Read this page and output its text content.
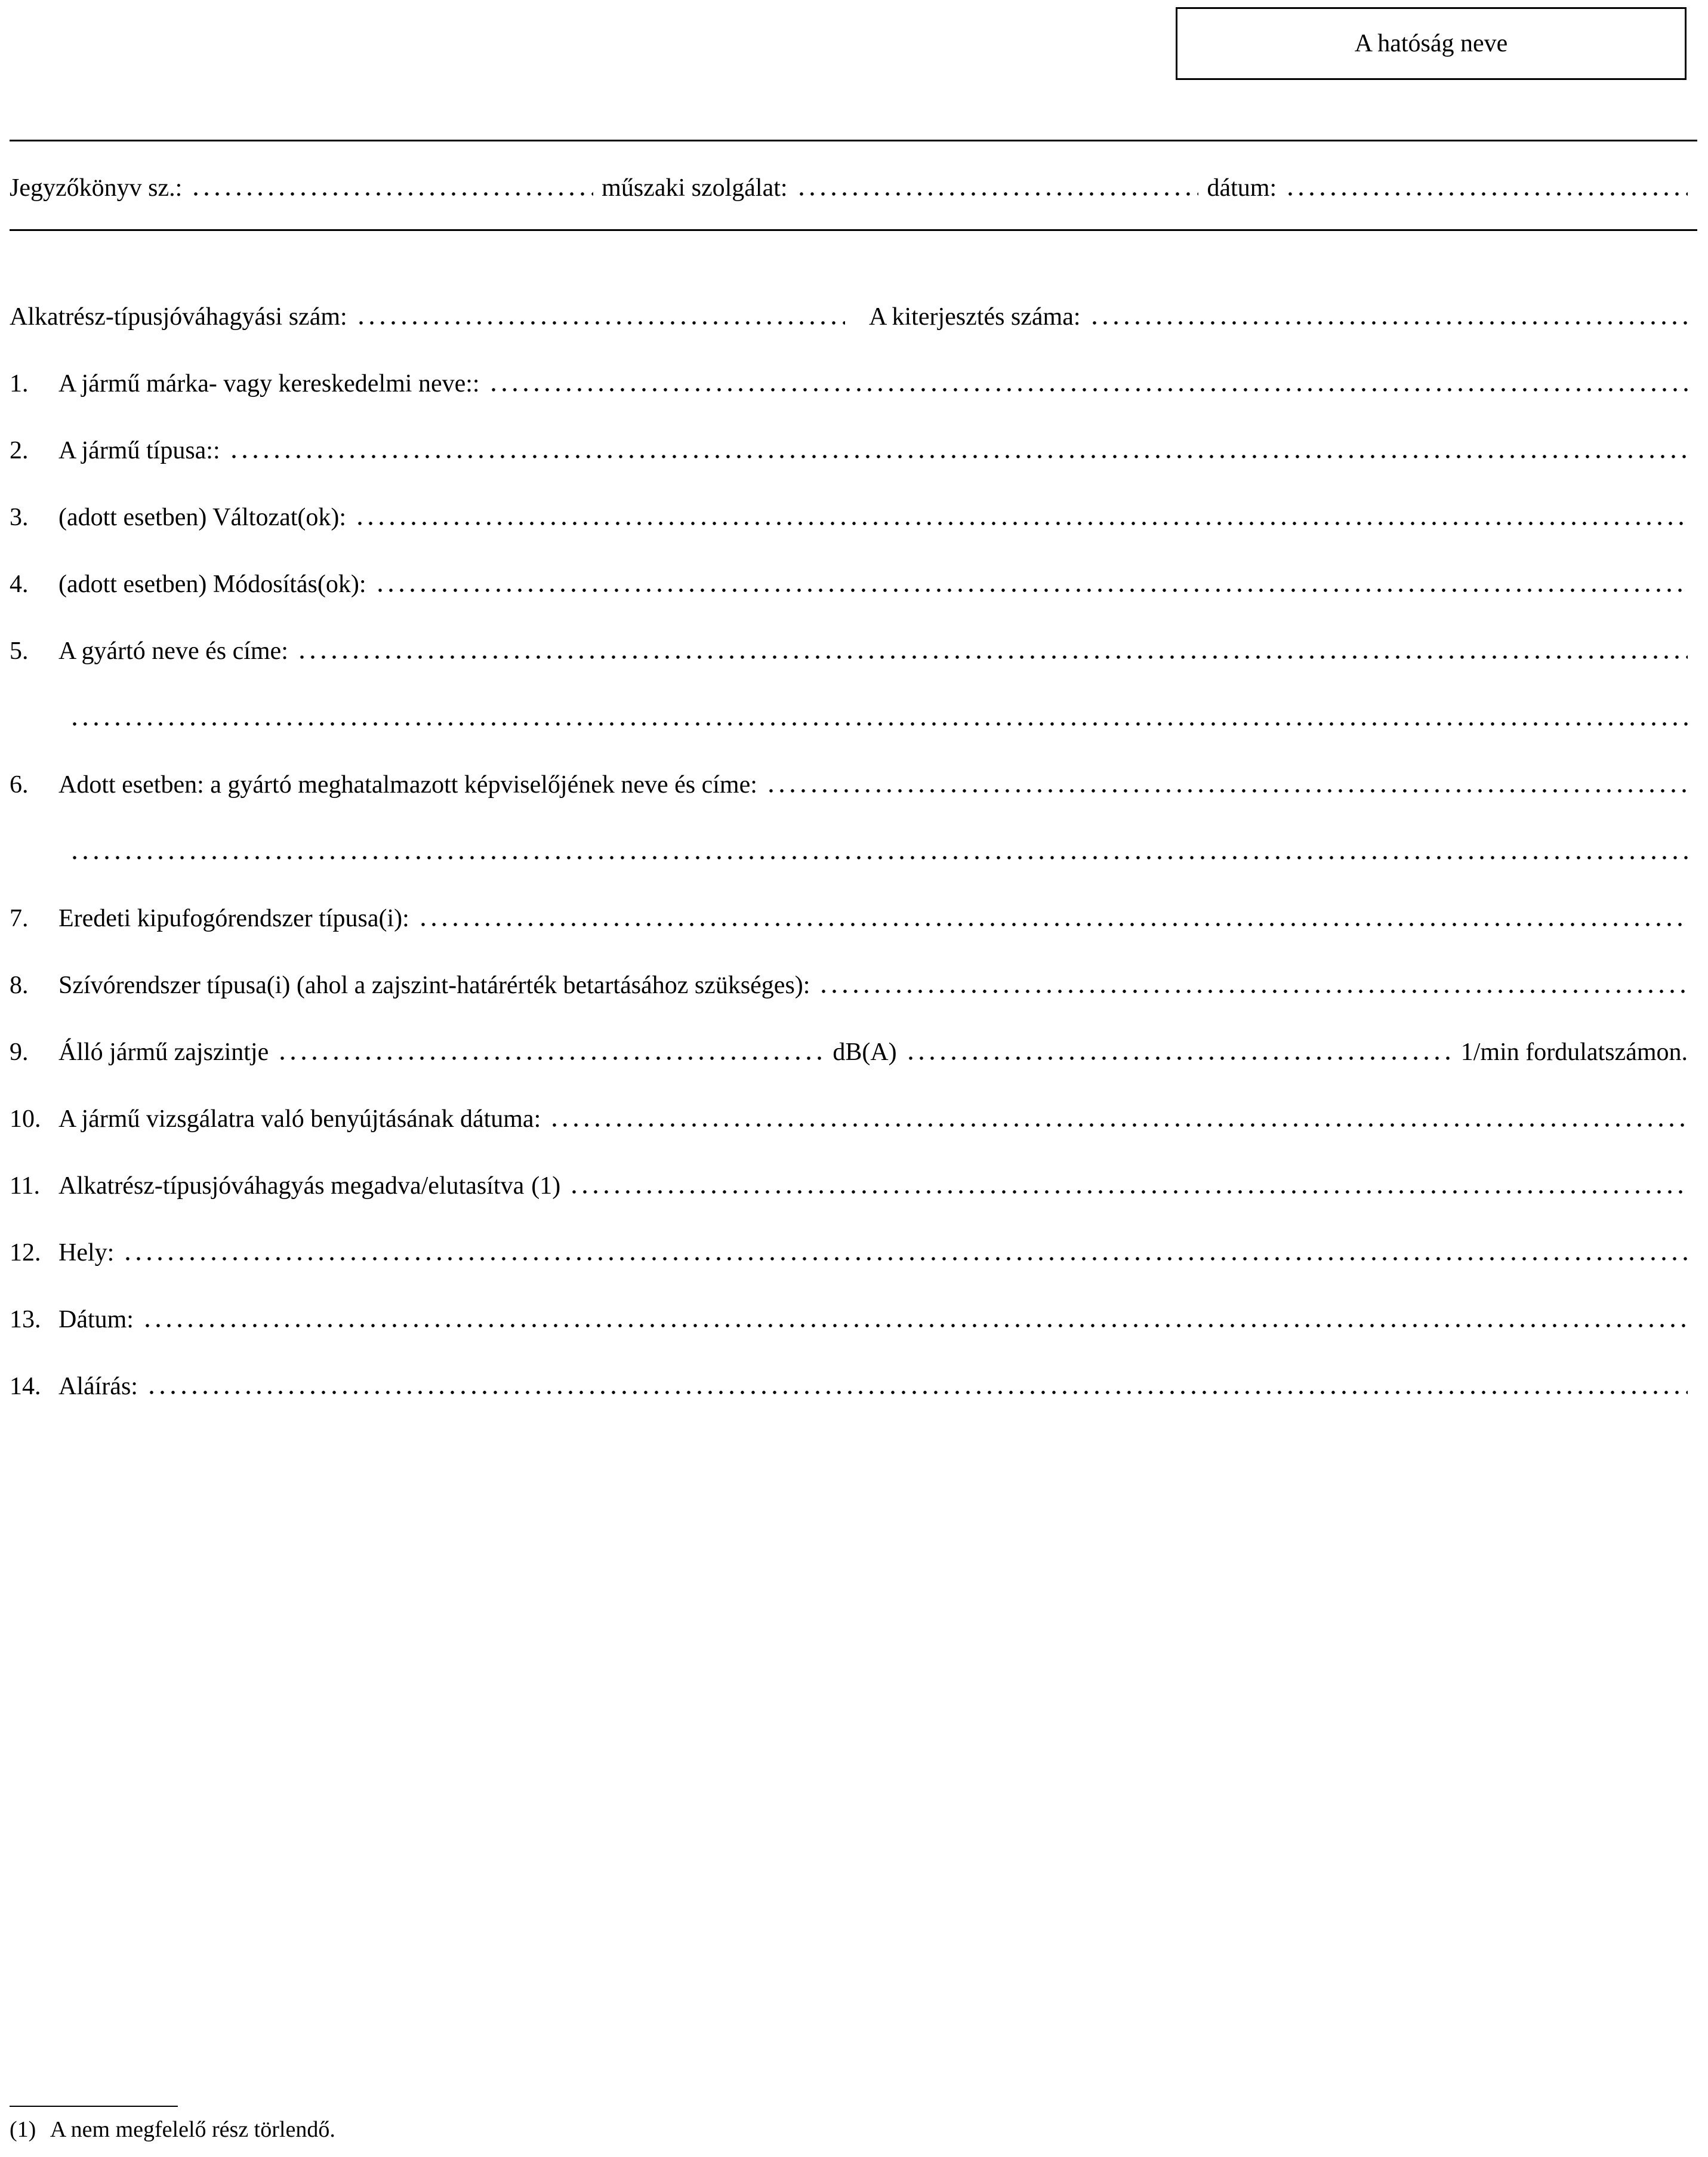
A hatóság neve
Jegyzőkönyv sz.:	műszaki szolgálat:	dátum:
Alkatrész-típusjóváhagyási szám:	A kiterjesztés száma:
1.	A jármű márka- vagy kereskedelmi neve::
2.	A jármű típusa::
3.	(adott esetben) Változat(ok):
4.	(adott esetben) Módosítás(ok):
5.	A gyártó neve és címe:
6.	Adott esetben: a gyártó meghatalmazott képviselőjének neve és címe:
7.	Eredeti kipufogórendszer típusa(i):
8.	Szívórendszer típusa(i) (ahol a zajszint-határérték betartásához szükséges):
9.	Álló jármű zajszintje	dB(A)	1/min fordulatszámon.
10. A jármű vizsgálatra való benyújtásának dátuma:
11. Alkatrész-típusjóváhagyás megadva/elutasítva (1)
12. Hely:
13. Dátum:
14. Aláírás:
(1) A nem megfelelő rész törlendő.
